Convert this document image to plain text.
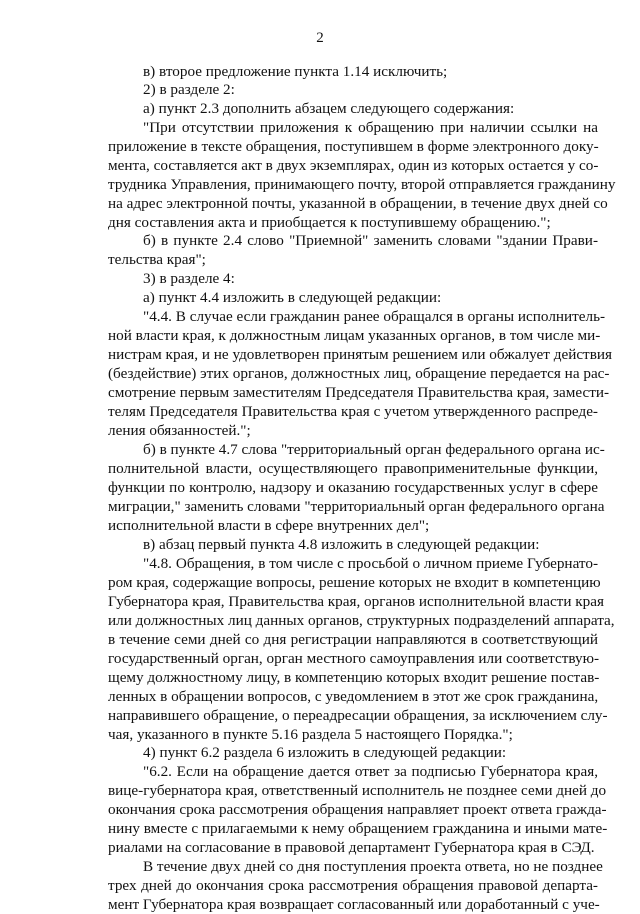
2
в) второе предложение пункта 1.14 исключить;
2) в разделе 2:
а) пункт 2.3 дополнить абзацем следующего содержания:
"При отсутствии приложения к обращению при наличии ссылки на
приложение в тексте обращения, поступившем в форме электронного доку-
мента, составляется акт в двух экземплярах, один из которых остается у со-
трудника Управления, принимающего почту, второй отправляется гражданину
на адрес электронной почты, указанной в обращении, в течение двух дней со
дня составления акта и приобщается к поступившему обращению.";
б) в пункте 2.4 слово "Приемной" заменить словами "здании Прави-
тельства края";
3) в разделе 4:
а) пункт 4.4 изложить в следующей редакции:
"4.4. В случае если гражданин ранее обращался в органы исполнитель-
ной власти края, к должностным лицам указанных органов, в том числе ми-
нистрам края, и не удовлетворен принятым решением или обжалует действия
(бездействие) этих органов, должностных лиц, обращение передается на рас-
смотрение первым заместителям Председателя Правительства края, замести-
телям Председателя Правительства края с учетом утвержденного распреде-
ления обязанностей.";
б) в пункте 4.7 слова "территориальный орган федерального органа ис-
полнительной власти, осуществляющего правоприменительные функции,
функции по контролю, надзору и оказанию государственных услуг в сфере
миграции," заменить словами "территориальный орган федерального органа
исполнительной власти в сфере внутренних дел";
в) абзац первый пункта 4.8 изложить в следующей редакции:
"4.8. Обращения, в том числе с просьбой о личном приеме Губернато-
ром края, содержащие вопросы, решение которых не входит в компетенцию
Губернатора края, Правительства края, органов исполнительной власти края
или должностных лиц данных органов, структурных подразделений аппарата,
в течение семи дней со дня регистрации направляются в соответствующий
государственный орган, орган местного самоуправления или соответствую-
щему должностному лицу, в компетенцию которых входит решение постав-
ленных в обращении вопросов, с уведомлением в этот же срок гражданина,
направившего обращение, о переадресации обращения, за исключением слу-
чая, указанного в пункте 5.16 раздела 5 настоящего Порядка.";
4) пункт 6.2 раздела 6 изложить в следующей редакции:
"6.2. Если на обращение дается ответ за подписью Губернатора края,
вице-губернатора края, ответственный исполнитель не позднее семи дней до
окончания срока рассмотрения обращения направляет проект ответа гражда-
нину вместе с прилагаемыми к нему обращением гражданина и иными мате-
риалами на согласование в правовой департамент Губернатора края в СЭД.
В течение двух дней со дня поступления проекта ответа, но не позднее
трех дней до окончания срока рассмотрения обращения правовой департа-
мент Губернатора края возвращает согласованный или доработанный с уче-
